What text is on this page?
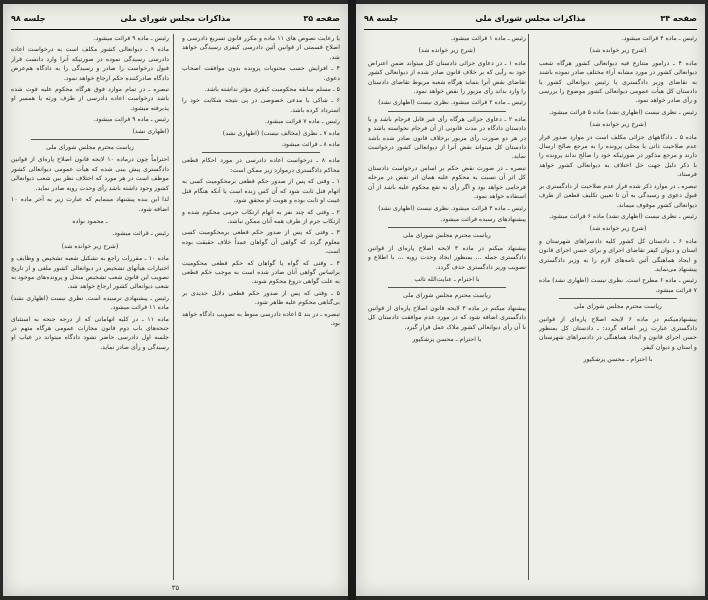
صفحه ۳۴
مذاکرات مجلس شورای ملی
جلسه ۹۸

رئیس ـ ماده ۴ قرائت میشود.

(شرح زیر خوانده شد)

ماده ۴ ـ درامور متنازع فیه دیوانعالی کشور هرگاه شعب دیوانعالی کشور در مورد مشابه آراء مختلف صادر نموده باشند به تقاضای وزیر دادگستری یا رئیس دیوانعالی کشور یا دادستان کل هیأت عمومی دیوانعالی کشور موضوع را بررسی و رأی صادر خواهد نمود.

رئیس ـ نظری نیست (اظهاری نشد) ماده ۵ قرائت میشود.

(شرح زیر خوانده شد)

ماده ۵ ـ دادگاههای جزائی مکلف است در موارد صدور قرار عدم صلاحیت ذاتی یا محلی پرونده را به مرجع صالح ارسال دارند و مرجع مذکور در صورتیکه خود را صالح نداند پرونده را با ذکر دلیل جهت حل اختلاف به دیوانعالی کشور خواهد فرستاد.

تبصره ـ در موارد ذکر شده قرار عدم صلاحیت از دادگستری بر قبول دعوی و رسیدگی به آن تا تعیین تکلیف قطعی از طرف دیوانعالی کشور موقوف میماند.

رئیس ـ نظری نیست (اظهاری نشد) ماده ۶ قرائت میشود.

(شرح زیر خوانده شد)

ماده ۶ ـ دادستان کل کشور کلیه دادسراهای شهرستان و استان و دیوان کیفر تقاضای اجرای و برای حسن اجرای قانون و ایجاد هماهنگی آئین نامه‌های لازم را به وزیر دادگستری پیشنهاد می‌نماید.

رئیس ـ ماده ۶ مطرح است. نظری نیست (اظهاری نشد) ماده ۷ قرائت میشود.

ریاست محترم مجلس شورای ملی

پیشنهادمیکنم در ماده ۶ لایحه اصلاح پاره‌ای از قوانین دادگستری عبارت زیر اضافه گردد: ـ دادستان کل بمنظور حسن اجرای قانون و ایجاد هماهنگی در دادسراهای شهرستان و استان و دیوان کیفر.

با احترام ـ محسن پزشکپور

رئیس ـ ماده ۱ قرائت میشود.

(شرح زیر خوانده شد)

ماده ۱ ـ در دعاوی جزائی دادستان کل میتواند ضمن اعتراض خود به رأیی که بر خلاف قانون صادر شده از دیوانعالی کشور تقاضای نقض آنرا بنماید هرگاه شعبه مربوط تقاضای دادستان را وارد بداند رأی مزبور را نقض خواهد نمود.

رئیس ـ ماده ۲ قرائت میشود. نظری نیست (اظهاری نشد)

ماده ۲ ـ دعاوی جزائی هرگاه رأی غیر قابل فرجام باشد و یا دادستان دادگاه در مدت قانونی از آن فرجام نخواسته باشد و در هر دو صورت رأی مزبور برخلاف قانون صادر شده باشد دادستان کل میتواند نقض آنرا از دیوانعالی کشور درخواست نماید.

تبصره ـ در صورت نقض حکم بر اساس درخواست دادستان کل اثر آن نسبت به محکوم علیه همان اثر نقض در مرحله فرجامی خواهد بود و اگر رأی به نفع محکوم علیه باشد از آن استفاده خواهد نمود.

رئیس ـ ماده ۳ قرائت میشود. نظری نیست (اظهاری نشد)

پیشنهادهای رسیده قرائت میشود.

ریاست محترم مجلس شورای ملی

پیشنهاد میکنم در ماده ۳ لایحه اصلاح پاره‌ای از قوانین دادگستری جمله ... بمنظور ایجاد وحدت رویه ... با اطلاع و تصویب وزیر دادگستری حذف گردد.

با احترام ـ عنایت‌الله تائب
ریاست محترم مجلس شورای ملی

پیشنهاد میکنم در ماده ۳ لایحه قانون اصلاح پاره‌ای از قوانین دادگستری اضافه شود که در مورد عدم موافقت دادستان کل با آن رأی دیوانعالی کشور ملاک عمل قرار گیرد.

با احترام ـ محسن پزشکپور
صفحه ۳۵
مذاکرات مجلس شورای ملی
جلسه ۹۸

یا رعایت نصوص های ۱۱ ماده و مکرر قانون تسریع دادرسی و اصلاح قسمتی از قوانین آئین دادرسی کیفری رسیدگی خواهد شد.

۴ ـ افزایش حسب محتویات پرونده بدون موافقت اصحاب دعوی.

۵ ـ مسلم سابقه محکومیت کیفری مؤثر نداشته باشد.

۶ ـ شاکی یا مدعی خصوصی در پی نتیجه شکایت خود را استرداد کرده باشد.

رئیس ـ ماده ۷ قرائت میشود.

ماده ۷ ـ نظری (مخالف نیست) (اظهاری نشد)

ماده ۸ ـ قرائت میشود.

ماده ۸ ـ درخواست اعاده دادرسی در مورد احکام قطعی محاکم دادگستری درموارد زیر ممکن است:

۱ ـ وقتی که پس از صدور حکم قطعی برمحکومیت کسی به اتهام قتل ثابت شود که آن کس زنده است یا آنکه هنگام قتل غیبت او ثابت بوده و هویت او محقق شود.

۲ ـ وقتی که چند نفر به اتهام ارتکاب جرمی محکوم شده و ارتکاب جرم از طرف همه آنان ممکن نباشد.

۳ ـ وقتی که پس از صدور حکم قطعی برمحکومیت کسی معلوم گردد که گواهی آن گواهان عمداً خلاف حقیقت بوده است.

۴ ـ وقتی که گواه یا گواهان که حکم قطعی محکومیت براساس گواهی آنان صادر شده است به موجب حکم قطعی به علت گواهی دروغ محکوم شوند.

۵ ـ وقتی که پس از صدور حکم قطعی دلایل جدیدی بر بی‌گناهی محکوم علیه ظاهر شود.

تبصره ـ در بند ۵ اعاده دادرسی منوط به تصویب دادگاه خواهد بود.

رئیس ـ ماده ۹ قرائت میشود.

ماده ۹ ـ دیوانعالی کشور مکلف است به درخواست اعاده دادرسی رسیدگی نموده در صورتیکه آنرا وارد دانست قرار قبول درخواست را صادر و رسیدگی را به دادگاه هم‌عرض دادگاه صادرکننده حکم ارجاع خواهد نمود.

تبصره ـ در تمام موارد فوق هرگاه محکوم علیه فوت شده باشد درخواست اعاده دادرسی از طرف ورثه یا همسر او پذیرفته میشود.

رئیس ـ ماده ۹ قرائت میشود.

(اظهاری نشد)

ریاست محترم مجلس شورای ملی

احتراماً چون درماده ۱۰ لایحه قانون اصلاح پاره‌ای از قوانین دادگستری پیش بینی شده که هیأت عمومی دیوانعالی کشور موظف است در هر مورد که اختلاف نظر بین شعب دیوانعالی کشور وجود داشته باشد رأی وحدت رویه صادر نماید.

لذا این بنده پیشنهاد مینمایم که عبارت زیر به آخر ماده ۱۰ اضافه شود.

ـ محمود نواده

رئیس ـ قرائت میشود.

(شرح زیر خوانده شد)

ماده ۱۰ ـ مقررات راجع به تشکیل شعبه تشخیص و وظایف و اختیارات هیأتهای تشخیص در دیوانعالی کشور ملغی و از تاریخ تصویب این قانون شعب تشخیص منحل و پرونده‌های موجود به شعب دیوانعالی کشور ارجاع خواهد شد.

رئیس ـ پیشنهادی نرسیده است. نظری نیست (اظهاری نشد) ماده ۱۱ قرائت میشود.

ماده ۱۱ ـ در کلیه اتهاماتی که از درجه جنحه به استثنای جنحه‌های باب دوم قانون مجازات عمومی هرگاه متهم در جلسه اول دادرسی حاضر نشود دادگاه میتواند در غیاب او رسیدگی و رأی صادر نماید.

۳۵
